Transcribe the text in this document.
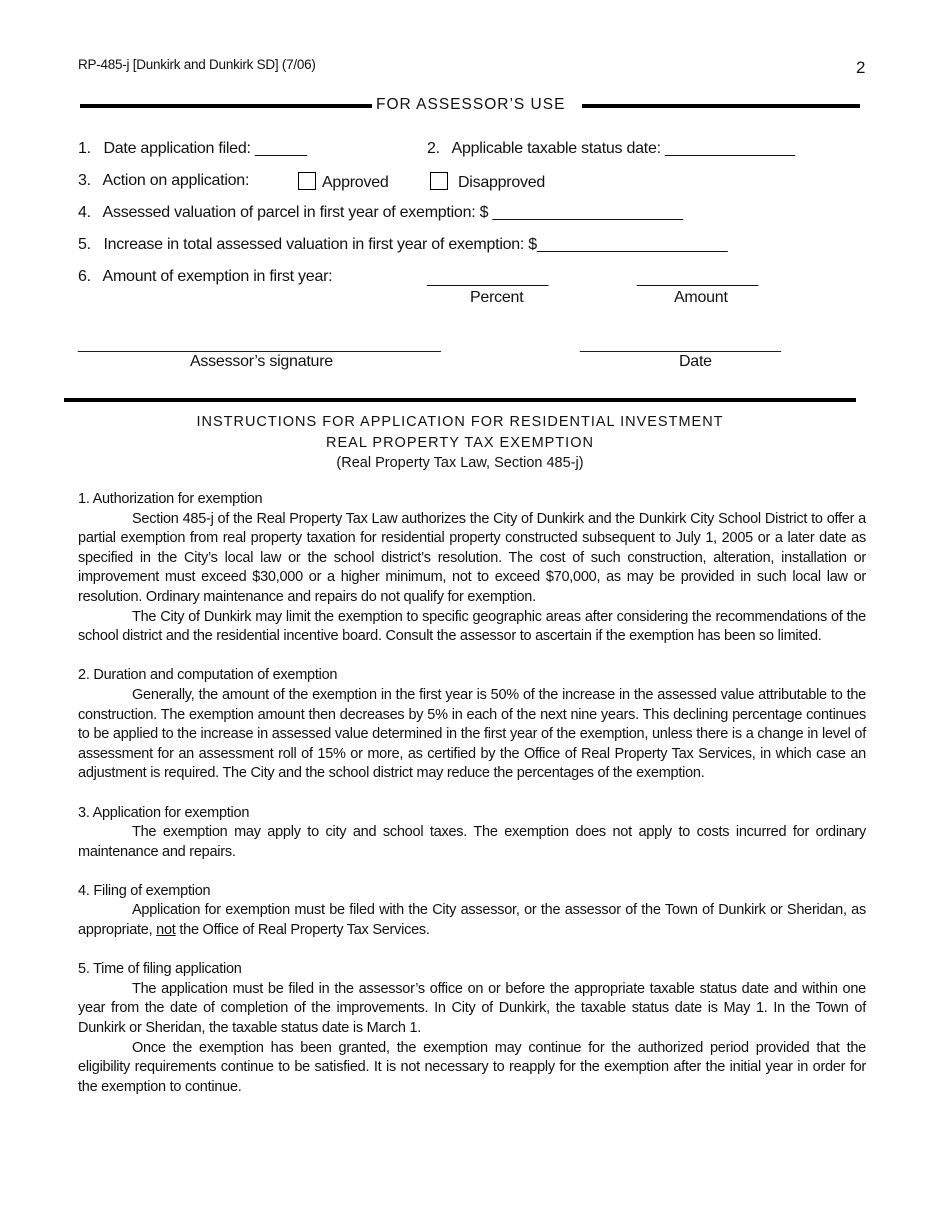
RP-485-j [Dunkirk and Dunkirk SD] (7/06)	2
FOR ASSESSOR’S USE
1. Date application filed: ______	2. Applicable taxable status date: _______________
3. Action on application:	Approved	Disapproved
4. Assessed valuation of parcel in first year of exemption: $ ______________________
5. Increase in total assessed valuation in first year of exemption: $______________________
6. Amount of exemption in first year:	______________	______________
Percent	Amount
_______________________________________________	__________________________
Assessor’s signature	Date
INSTRUCTIONS FOR APPLICATION FOR RESIDENTIAL INVESTMENT
REAL PROPERTY TAX EXEMPTION
(Real Property Tax Law, Section 485-j)
1. Authorization for exemption

Section 485-j of the Real Property Tax Law authorizes the City of Dunkirk and the Dunkirk City School District to offer a partial exemption from real property taxation for residential property constructed subsequent to July 1, 2005 or a later date as specified in the City’s local law or the school district’s resolution. The cost of such construction, alteration, installation or improvement must exceed $30,000 or a higher minimum, not to exceed $70,000, as may be provided in such local law or resolution. Ordinary maintenance and repairs do not qualify for exemption.

The City of Dunkirk may limit the exemption to specific geographic areas after considering the recommendations of the school district and the residential incentive board. Consult the assessor to ascertain if the exemption has been so limited.

2. Duration and computation of exemption

Generally, the amount of the exemption in the first year is 50% of the increase in the assessed value attributable to the construction. The exemption amount then decreases by 5% in each of the next nine years. This declining percentage continues to be applied to the increase in assessed value determined in the first year of the exemption, unless there is a change in level of assessment for an assessment roll of 15% or more, as certified by the Office of Real Property Tax Services, in which case an adjustment is required. The City and the school district may reduce the percentages of the exemption.

3. Application for exemption

The exemption may apply to city and school taxes. The exemption does not apply to costs incurred for ordinary maintenance and repairs.

4. Filing of exemption

Application for exemption must be filed with the City assessor, or the assessor of the Town of Dunkirk or Sheridan, as appropriate, not the Office of Real Property Tax Services.

5. Time of filing application

The application must be filed in the assessor’s office on or before the appropriate taxable status date and within one year from the date of completion of the improvements. In City of Dunkirk, the taxable status date is May 1. In the Town of Dunkirk or Sheridan, the taxable status date is March 1.

Once the exemption has been granted, the exemption may continue for the authorized period provided that the eligibility requirements continue to be satisfied. It is not necessary to reapply for the exemption after the initial year in order for the exemption to continue.
